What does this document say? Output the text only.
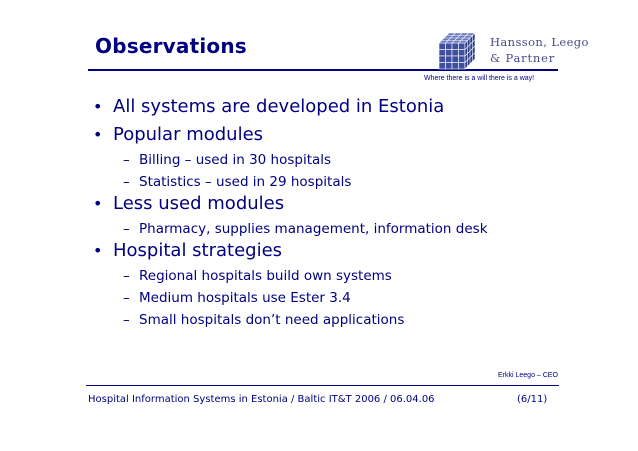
Observations	Hansson, Leego
& Partner
Where there is a will there is a way!
• All systems are developed in Estonia
• Popular modules
– Billing – used in 30 hospitals
– Statistics – used in 29 hospitals
• Less used modules
– Pharmacy, supplies management, information desk
• Hospital strategies
– Regional hospitals build own systems
– Medium hospitals use Ester 3.4
– Small hospitals don’t need applications
Erkki Leego – CEO
Hospital Information Systems in Estonia / Baltic IT&T 2006 / 06.04.06	(6/11)
